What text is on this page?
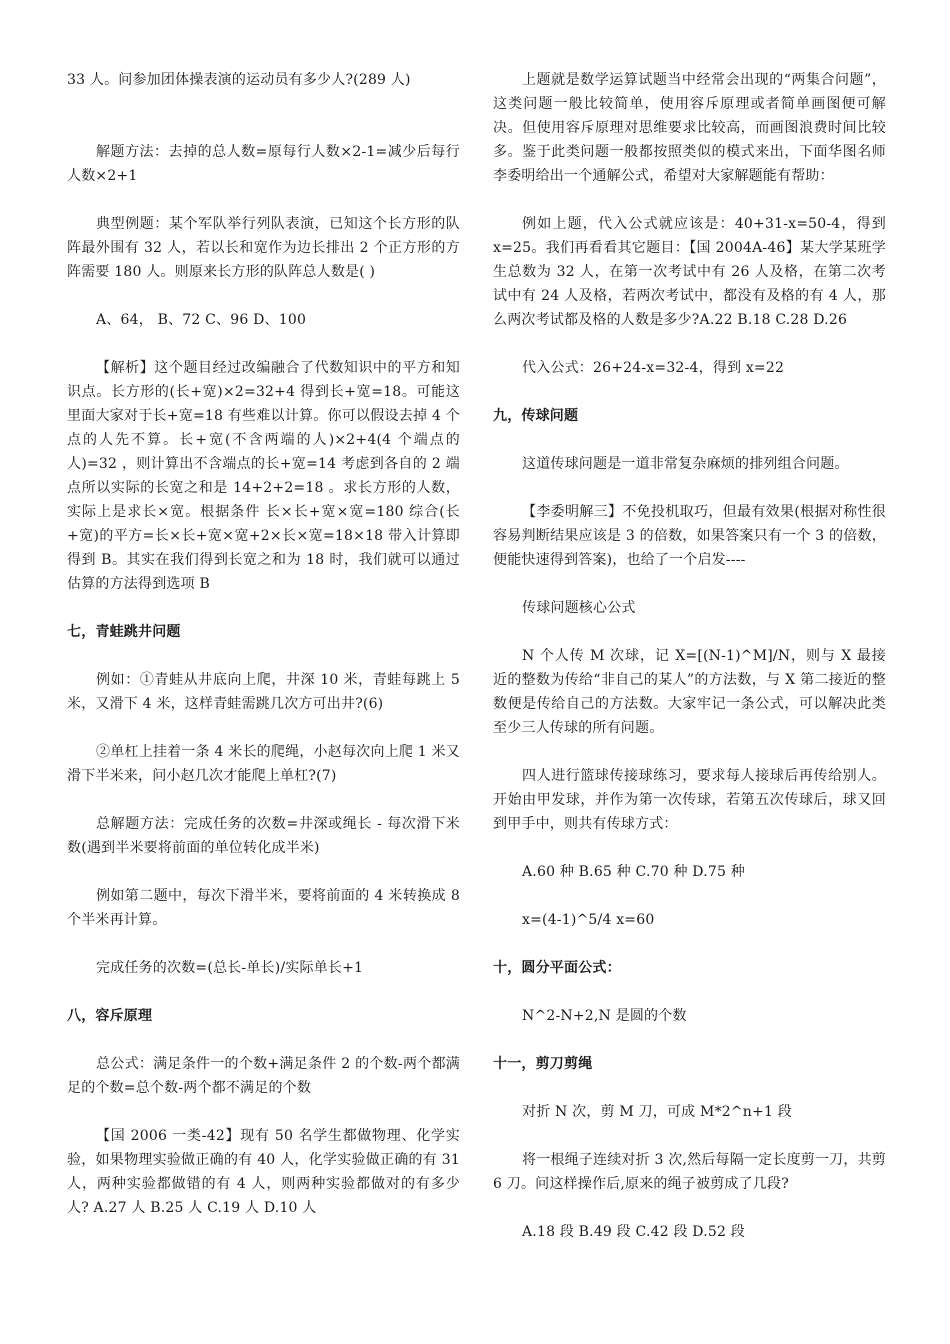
33 人。问参加团体操表演的运动员有多少人?(289 人)

解题方法：去掉的总人数=原每行人数×2-1=减少后每行人数×2+1

典型例题：某个军队举行列队表演，已知这个长方形的队阵最外围有 32 人，若以长和宽作为边长排出 2 个正方形的方阵需要 180 人。则原来长方形的队阵总人数是( )

A、64， B、72 C、96 D、100

【解析】这个题目经过改编融合了代数知识中的平方和知识点。长方形的(长+宽)×2=32+4 得到长+宽=18。可能这里面大家对于长+宽=18 有些难以计算。你可以假设去掉 4 个点的人先不算。长+宽(不含两端的人)×2+4(4 个端点的人)=32 ，则计算出不含端点的长+宽=14 考虑到各自的 2 端点所以实际的长宽之和是 14+2+2=18 。求长方形的人数，实际上是求长×宽。根据条件 长×长+宽×宽=180 综合(长+宽)的平方=长×长+宽×宽+2×长×宽=18×18 带入计算即得到 B。其实在我们得到长宽之和为 18 时，我们就可以通过估算的方法得到选项 B

七，青蛙跳井问题

例如：①青蛙从井底向上爬，井深 10 米，青蛙每跳上 5 米，又滑下 4 米，这样青蛙需跳几次方可出井?(6)

②单杠上挂着一条 4 米长的爬绳，小赵每次向上爬 1 米又滑下半米来，问小赵几次才能爬上单杠?(7)

总解题方法：完成任务的次数=井深或绳长 - 每次滑下米数(遇到半米要将前面的单位转化成半米)

例如第二题中，每次下滑半米，要将前面的 4 米转换成 8 个半米再计算。

完成任务的次数=(总长-单长)/实际单长+1

八，容斥原理

总公式：满足条件一的个数+满足条件 2 的个数-两个都满足的个数=总个数-两个都不满足的个数

【国 2006 一类-42】现有 50 名学生都做物理、化学实验，如果物理实验做正确的有 40 人，化学实验做正确的有 31 人，两种实验都做错的有 4 人，则两种实验都做对的有多少人? A.27 人 B.25 人 C.19 人 D.10 人

上题就是数学运算试题当中经常会出现的“两集合问题”，这类问题一般比较简单，使用容斥原理或者简单画图便可解决。但使用容斥原理对思维要求比较高，而画图浪费时间比较多。鉴于此类问题一般都按照类似的模式来出，下面华图名师李委明给出一个通解公式，希望对大家解题能有帮助：

例如上题，代入公式就应该是：40+31-x=50-4，得到 x=25。我们再看看其它题目：【国 2004A-46】某大学某班学生总数为 32 人，在第一次考试中有 26 人及格，在第二次考试中有 24 人及格，若两次考试中，都没有及格的有 4 人，那么两次考试都及格的人数是多少?A.22 B.18 C.28 D.26

代入公式：26+24-x=32-4，得到 x=22

九，传球问题

这道传球问题是一道非常复杂麻烦的排列组合问题。

【李委明解三】不免投机取巧，但最有效果(根据对称性很容易判断结果应该是 3 的倍数，如果答案只有一个 3 的倍数，便能快速得到答案)，也给了一个启发----

传球问题核心公式

N 个人传 M 次球，记 X=[(N-1)^M]/N，则与 X 最接近的整数为传给“非自己的某人”的方法数，与 X 第二接近的整数便是传给自己的方法数。大家牢记一条公式，可以解决此类至少三人传球的所有问题。

四人进行篮球传接球练习，要求每人接球后再传给别人。开始由甲发球，并作为第一次传球，若第五次传球后，球又回到甲手中，则共有传球方式：

A.60 种 B.65 种 C.70 种 D.75 种

x=(4-1)^5/4 x=60

十，圆分平面公式：

N^2-N+2,N 是圆的个数

十一，剪刀剪绳

对折 N 次，剪 M 刀，可成 M*2^n+1 段

将一根绳子连续对折 3 次,然后每隔一定长度剪一刀，共剪 6 刀。问这样操作后,原来的绳子被剪成了几段?

A.18 段 B.49 段 C.42 段 D.52 段
